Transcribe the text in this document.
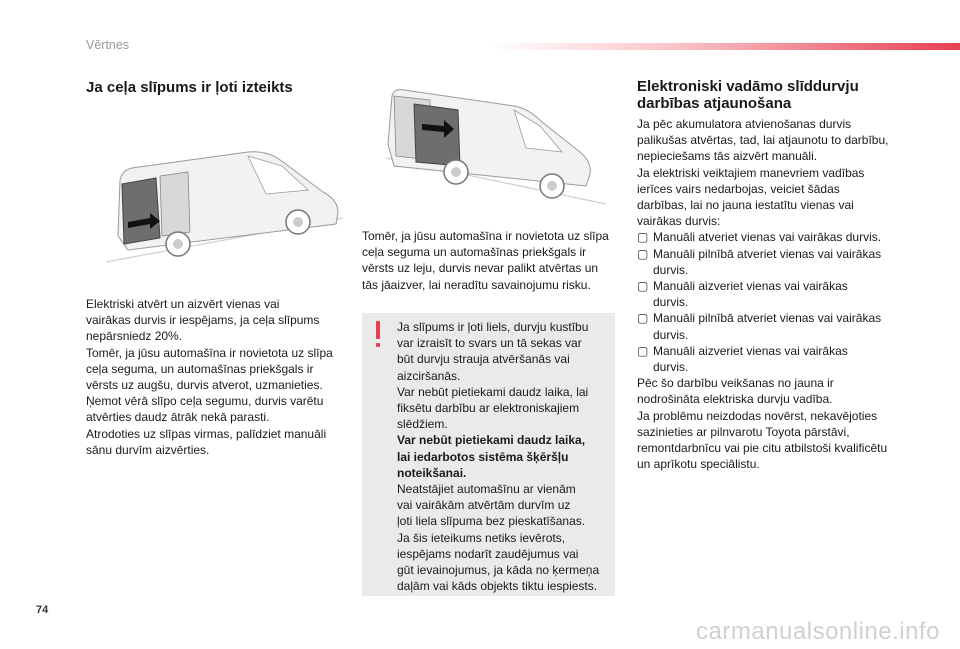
Vērtnes
Ja ceļa slīpums ir ļoti izteikts

Elektriski atvērt un aizvērt vienas vai

vairākas durvis ir iespējams, ja ceļa slīpums

nepārsniedz 20%.

Tomēr, ja jūsu automašīna ir novietota uz slīpa

ceļa seguma, un automašīnas priekšgals ir

vērsts uz augšu, durvis atverot, uzmanieties.

Ņemot vērā slīpo ceļa segumu, durvis varētu

atvērties daudz ātrāk nekā parasti.

Atrodoties uz slīpas virmas, palīdziet manuāli

sānu durvīm aizvērties.

Tomēr, ja jūsu automašīna ir novietota uz slīpa

ceļa seguma un automašīnas priekšgals ir

vērsts uz leju, durvis nevar palikt atvērtas un

tās jāaizver, lai neradītu savainojumu risku.

Ja slīpums ir ļoti liels, durvju kustību

var izraisīt to svars un tā sekas var

būt durvju strauja atvēršanās vai

aizciršanās.

Var nebūt pietiekami daudz laika, lai

fiksētu darbību ar elektroniskajiem

slēdžiem.

Var nebūt pietiekami daudz laika,

lai iedarbotos sistēma šķēršļu

noteikšanai.

Neatstājiet automašīnu ar vienām

vai vairākām atvērtām durvīm uz

ļoti liela slīpuma bez pieskatīšanas.

Ja šis ieteikums netiks ievērots,

iespējams nodarīt zaudējumus vai

gūt ievainojumus, ja kāda no ķermeņa

daļām vai kāds objekts tiktu iespiests.

Elektroniski vadāmo slīddurvju
darbības atjaunošana

Ja pēc akumulatora atvienošanas durvis

palikušas atvērtas, tad, lai atjaunotu to darbību,

nepieciešams tās aizvērt manuāli.

Ja elektriski veiktajiem manevriem vadības

ierīces vairs nedarbojas, veiciet šādas

darbības, lai no jauna iestatītu vienas vai

vairākas durvis:

▢ Manuāli atveriet vienas vai vairākas durvis.
▢ Manuāli pilnībā atveriet vienas vai vairākas
durvis.
▢ Manuāli aizveriet vienas vai vairākas
durvis.
▢ Manuāli pilnībā atveriet vienas vai vairākas
durvis.
▢ Manuāli aizveriet vienas vai vairākas
durvis.

Pēc šo darbību veikšanas no jauna ir

nodrošināta elektriska durvju vadība.

Ja problēmu neizdodas novērst, nekavējoties

sazinieties ar pilnvarotu Toyota pārstāvi,

remontdarbnīcu vai pie citu atbilstoši kvalificētu

un aprīkotu speciālistu.

74
carmanualsonline.info
